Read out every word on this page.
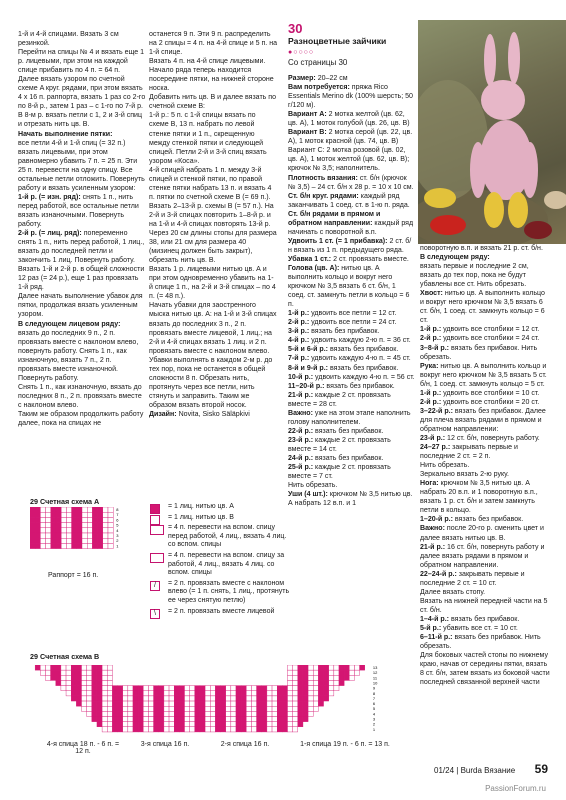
1-й и 4-й спицами. Вязать 3 см резинкой.

Перейти на спицы № 4 и вязать еще 1 р. лицевыми, при этом на каждой спице прибавить по 4 п. = 64 п.

Далее вязать узором по счетной схеме A круг. рядами, при этом вязать 4 x 16 п. раппорта, вязать 1 раз со 2-го по 8-й р., затем 1 раз – с 1-го по 7-й р.

В 8-м р. вязать петли с 1, 2 и 3-й спиц и отрезать нить цв. В.

Начать выполнение пятки:

все петли 4-й и 1-й спиц (= 32 п.) вязать лицевыми, при этом равномерно убавить 7 п. = 25 п. Эти 25 п. перевести на одну спицу. Все остальные петли отложить. Повернуть работу и вязать усиленным узором:

1-й р. (= изн. ряд): снять 1 п., нить перед работой, все остальные петли вязать изнаночными. Повернуть работу.

2-й р. (= лиц. ряд): попеременно снять 1 п., нить перед работой, 1 лиц., вязать до последней петли и закончить 1 лиц. Повернуть работу.

Вязать 1-й и 2-й р. в общей сложности 12 раз (= 24 р.), еще 1 раз провязать 1-й ряд.

Далее начать выполнение убавок для пятки, продолжая вязать усиленным узором.

В следующем лицевом ряду:

вязать до последних 9 п., 2 п. провязать вместе с наклоном влево, повернуть работу. Снять 1 п., как изнаночную, вязать 7 п., 2 п. провязать вместе изнаночной. Повернуть работу.

Снять 1 п., как изнаночную, вязать до последних 8 п., 2 п. провязать вместе с наклоном влево.

Таким же образом продолжить работу далее, пока на спицах не

останется 9 п. Эти 9 п. распределить на 2 спицы = 4 п. на 4-й спице и 5 п. на 1-й спице.

Вязать 4 п. на 4-й спице лицевыми. Начало ряда теперь находится посередине пятки, на нижней стороне носка.

Добавить нить цв. В и далее вязать по счетной схеме В:

1-й р.: 5 п. с 1-й спицы вязать по схеме В, 13 п. набрать по левой стенке пятки и 1 п., скрещенную между стенкой пятки и следующей спицей. Петли 2-й и 3-й спиц вязать узором «Коса».

4-й спицей набрать 1 п. между 3-й спицей и стенкой пятки, по правой стенке пятки набрать 13 п. и вязать 4 п. пятки по счетной схеме В (= 69 п.).

Вязать 2–13-й р. схемы В (= 57 п.). На 2-й и 3-й спицах повторить 1–8-й р. и на 1-й и 4-й спицах повторять 13-й р.

Через 20 см длины стопы для размера 38, или 21 см для размера 40 (мизинец должен быть закрыт), обрезать нить цв. В.

Вязать 1 р. лицевыми нитью цв. А и при этом одновременно убавить на 1-й спице 1 п., на 2-й и 3-й спицах – по 4 п. (= 48 п.).

Начать убавки для заостренного мыска нитью цв. А: на 1-й и 3-й спицах вязать до последних 3 п., 2 п. провязать вместе лицевой, 1 лиц.; на 2-й и 4-й спицах вязать 1 лиц. и 2 п. провязать вместе с наклоном влево.

Убавки выполнять в каждом 2-м р. до тех пор, пока не останется в общей сложности 8 п. Обрезать нить, протянуть через все петли, нить стянуть и заправить. Таким же образом вязать второй носок.

Дизайн: Novita, Sisko Säläpkivi

30
Разноцветные зайчики
●○○○○
Со страницы 30

Размер: 20–22 см

Вам потребуется: пряжа Rico Essentials Merino dk (100% шерсть; 50 г/120 м).

Вариант А: 2 мотка желтой (цв. 62, цв. А), 1 моток голубой (цв. 26, цв. В)

Вариант В: 2 мотка серой (цв. 22, цв. А), 1 моток красной (цв. 74, цв. В)

Вариант С: 2 мотка розовой (цв. 02, цв. А), 1 моток желтой (цв. 62, цв. В); крючок № 3,5; наполнитель.

Плотность вязания: ст. б/н (крючок № 3,5) – 24 ст. б/н x 28 р. = 10 x 10 см.

Ст. б/н круг. рядами: каждый ряд заканчивать 1 соед. ст. в 1-ю п. ряда.

Ст. б/н рядами в прямом и обратном направлении: каждый ряд начинать с поворотной в.п.

Удвоить 1 ст. (= 1 прибавка): 2 ст. б/н вязать из 1 п. предыдущего ряда.

Убавка 1 ст.: 2 ст. провязать вместе.

Голова (цв. А): нитью цв. А выполнить кольцо и вокруг него крючком № 3,5 вязать 6 ст. б/н, 1 соед. ст. замкнуть петли в кольцо = 6 п.

1-й р.: удвоить все петли = 12 ст.

2-й р.: удвоить все петли = 24 ст.

3-й р.: вязать без прибавок.

4-й р.: удвоить каждую 2-ю п. = 36 ст.

5-й и 6-й р.: вязать без прибавок.

7-й р.: удвоить каждую 4-ю п. = 45 ст.

8-й и 9-й р.: вязать без прибавок.

10-й р.: удвоить каждую 4-ю п. = 56 ст.

11–20-й р.: вязать без прибавок.

21-й р.: каждые 2 ст. провязать вместе = 28 ст.

Важно: уже на этом этапе наполнить голову наполнителем.

22-й р.: вязать без прибавок.

23-й р.: каждые 2 ст. провязать вместе = 14 ст.

24-й р.: вязать без прибавок.

25-й р.: каждые 2 ст. провязать вместе = 7 ст.

Нить обрезать.

Уши (4 шт.): крючком № 3,5 нитью цв. А набрать 12 в.п. и 1

поворотную в.п. и вязать 21 р. ст. б/н.

В следующем ряду:

вязать первые и последние 2 см, вязать до тех пор, пока не будут убавлены все ст. Нить обрезать.

Хвост: нитью цв. А выполнить кольцо и вокруг него крючком № 3,5 вязать 6 ст. б/н, 1 соед. ст. замкнуть кольцо = 6 ст.

1-й р.: удвоить все столбики = 12 ст.

2-й р.: удвоить все столбики = 24 ст.

3–8-й р.: вязать без прибавок. Нить обрезать.

Рука: нитью цв. А выполнить кольцо и вокруг него крючком № 3,5 вязать 5 ст. б/н, 1 соед. ст. замкнуть кольцо = 5 ст.

1-й р.: удвоить все столбики = 10 ст.

2-й р.: удвоить все столбики = 20 ст.

3–22-й р.: вязать без прибавок. Далее для плеча вязать рядами в прямом и обратном направлении:

23-й р.: 12 ст. б/н, повернуть работу.

24–27 р.: закрывать первые и последние 2 ст. = 2 п.

Нить обрезать.

Зеркально вязать 2-ю руку.

Нога: крючком № 3,5 нитью цв. А набрать 20 в.п. и 1 поворотную в.п., вязать 1 р. ст. б/н и затем замкнуть петли в кольцо.

1–20-й р.: вязать без прибавок.

Важно: после 20-го р. сменить цвет и далее вязать нитью цв. В.

21-й р.: 16 ст. б/н, повернуть работу и далее вязать рядами в прямом и обратном направлении.

22–24-й р.: закрывать первые и последние 2 ст. = 10 ст.

Далее вязать стопу.

Вязать на нижней передней части на 5 ст. б/н.

1–4-й р.: вязать без прибавок.

5-й р.: убавить все ст. = 10 ст.

6–11-й р.: вязать без прибавок. Нить обрезать.

Для боковых частей стопы по нижнему краю, начав от середины пятки, вязать 8 ст. б/н, затем вязать из боковой части последней связанной верхней части

29 Счетная схема A
8
7
6
5
4
3
2
1
Раппорт = 16 п.
= 1 лиц. нитью цв. А
= 1 лиц. нитью цв. В
= 4 п. перевести на вспом. спицу перед работой, 4 лиц., вязать 4 лиц. со вспом. спицы
= 4 п. перевести на вспом. спицу за работой, 4 лиц., вязать 4 лиц. со вспом. спицы
/	= 2 п. провязать вместе с наклоном влево (= 1 п. снять, 1 лиц., протянуть ее через снятую петлю)
\	= 2 п. провязать вместе лицевой
29 Счетная схема В
13
12
11
10
9
8
7
6
5
4
3
2
1
4-я спица 18 п. - 6 п. = 12 п.
3-я спица 16 п.	2-я спица 16 п.	1-я спица 19 п. - 6 п. = 13 п.
01/24 | Burda Вязание 59
PassionForum.ru
